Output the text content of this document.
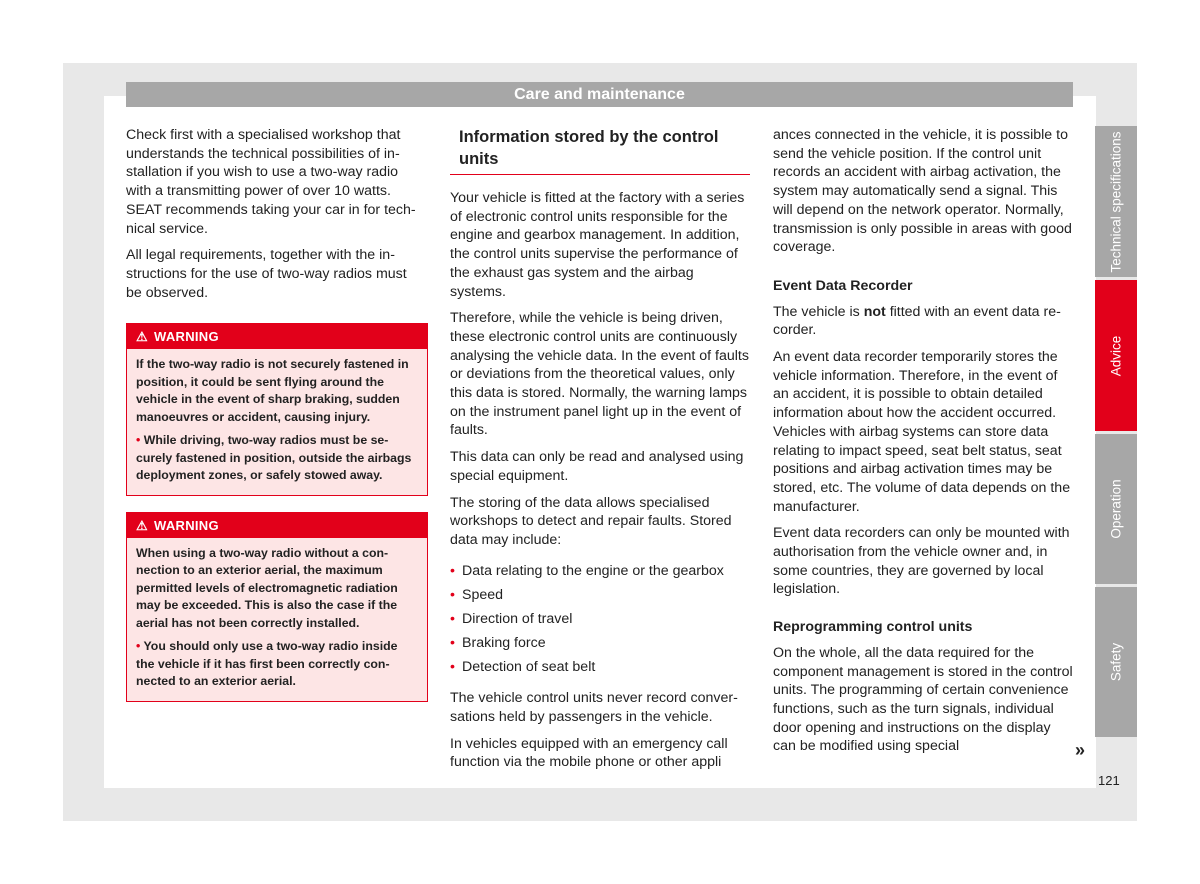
Care and maintenance

Check first with a specialised workshop that understands the technical possibilities of installation if you wish to use a two-way radio with a transmitting power of over 10 watts. SEAT recommends taking your car in for technical service.

All legal requirements, together with the instructions for the use of two-way radios must be observed.

⚠ WARNING

If the two-way radio is not securely fastened in position, it could be sent flying around the vehicle in the event of sharp braking, sudden manoeuvres or accident, causing injury.

• While driving, two-way radios must be securely fastened in position, outside the airbags deployment zones, or safely stowed away.

⚠ WARNING

When using a two-way radio without a connection to an exterior aerial, the maximum permitted levels of electromagnetic radiation may be exceeded. This is also the case if the aerial has not been correctly installed.

• You should only use a two-way radio inside the vehicle if it has first been correctly connected to an exterior aerial.

Information stored by the control units

Your vehicle is fitted at the factory with a series of electronic control units responsible for the engine and gearbox management. In addition, the control units supervise the performance of the exhaust gas system and the airbag systems.

Therefore, while the vehicle is being driven, these electronic control units are continuously analysing the vehicle data. In the event of faults or deviations from the theoretical values, only this data is stored. Normally, the warning lamps on the instrument panel light up in the event of faults.

This data can only be read and analysed using special equipment.

The storing of the data allows specialised workshops to detect and repair faults. Stored data may include:

• Data relating to the engine or the gearbox
• Speed
• Direction of travel
• Braking force
• Detection of seat belt

The vehicle control units never record conversations held by passengers in the vehicle.

In vehicles equipped with an emergency call function via the mobile phone or other appli

ances connected in the vehicle, it is possible to send the vehicle position. If the control unit records an accident with airbag activation, the system may automatically send a signal. This will depend on the network operator. Normally, transmission is only possible in areas with good coverage.

Event Data Recorder

The vehicle is not fitted with an event data recorder.

An event data recorder temporarily stores the vehicle information. Therefore, in the event of an accident, it is possible to obtain detailed information about how the accident occurred. Vehicles with airbag systems can store data relating to impact speed, seat belt status, seat positions and airbag activation times may be stored, etc. The volume of data depends on the manufacturer.

Event data recorders can only be mounted with authorisation from the vehicle owner and, in some countries, they are governed by local legislation.

Reprogramming control units

On the whole, all the data required for the component management is stored in the control units. The programming of certain convenience functions, such as the turn signals, individual door opening and instructions on the display can be modified using special

Technical specifications
Advice
Operation
Safety
»
121
